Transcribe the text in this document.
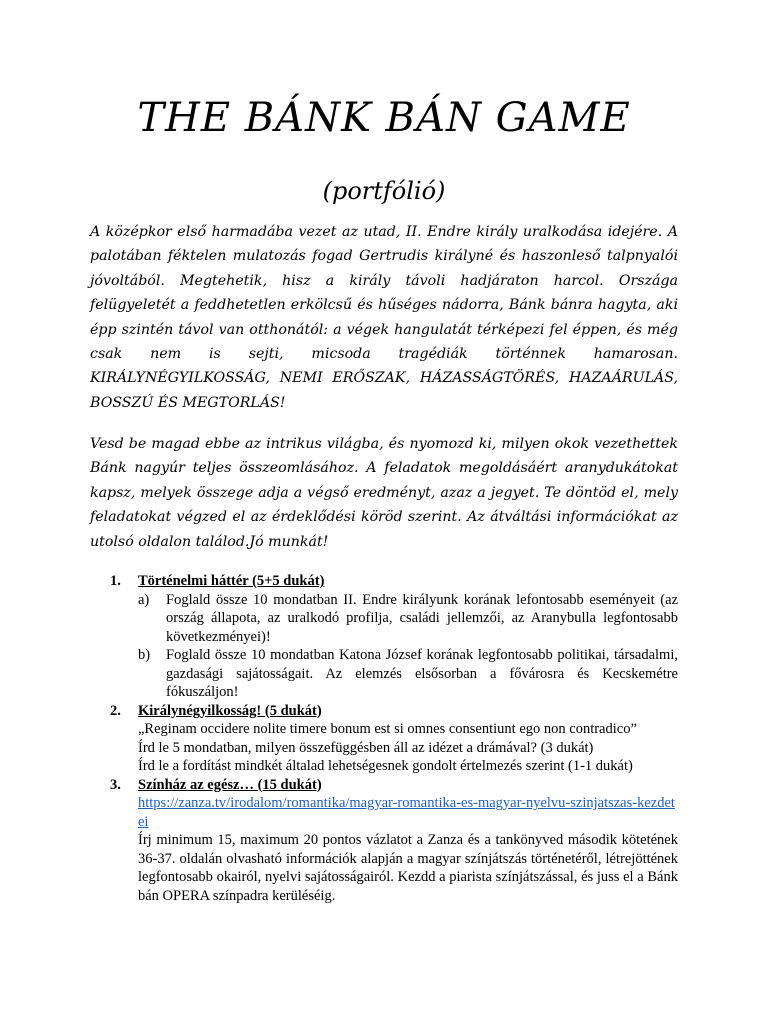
THE BÁNK BÁN GAME
(portfólió)

A középkor első harmadába vezet az utad, II. Endre király uralkodása idejére. A palotában féktelen mulatozás fogad Gertrudis királyné és haszonleső talpnyalói jóvoltából. Megtehetik, hisz a király távoli hadjáraton harcol. Országa felügyeletét a feddhetetlen erkölcsű és hűséges nádorra, Bánk bánra hagyta, aki épp szintén távol van otthonától: a végek hangulatát térképezi fel éppen, és még csak nem is sejti, micsoda tragédiák történnek hamarosan. KIRÁLYNÉGYILKOSSÁG, NEMI ERŐSZAK, HÁZASSÁGTÖRÉS, HAZAÁRULÁS, BOSSZÚ ÉS MEGTORLÁS!

Vesd be magad ebbe az intrikus világba, és nyomozd ki, milyen okok vezethettek Bánk nagyúr teljes összeomlásához. A feladatok megoldásáért aranydukátokat kapsz, melyek összege adja a végső eredményt, azaz a jegyet. Te döntöd el, mely feladatokat végzed el az érdeklődési köröd szerint. Az átváltási információkat az utolsó oldalon találod.Jó munkát!

1. Történelmi háttér (5+5 dukát)
a) Foglald össze 10 mondatban II. Endre királyunk korának lefontosabb eseményeit (az ország állapota, az uralkodó profilja, családi jellemzői, az Aranybulla legfontosabb következményei)!
b) Foglald össze 10 mondatban Katona József korának legfontosabb politikai, társadalmi, gazdasági sajátosságait. Az elemzés elsősorban a fővárosra és Kecskemétre fókuszáljon!
2. Királynégyilkosság! (5 dukát)
„Reginam occidere nolite timere bonum est si omnes consentiunt ego non contradico”
Írd le 5 mondatban, milyen összefüggésben áll az idézet a drámával? (3 dukát)
Írd le a fordítást mindkét általad lehetségesnek gondolt értelmezés szerint (1-1 dukát)
3. Színház az egész… (15 dukát)
https://zanza.tv/irodalom/romantika/magyar-romantika-es-magyar-nyelvu-szinjatszas-kezdetei
Írj minimum 15, maximum 20 pontos vázlatot a Zanza és a tankönyved második kötetének 36-37. oldalán olvasható információk alapján a magyar színjátszás történetéről, létrejöttének legfontosabb okairól, nyelvi sajátosságairól. Kezdd a piarista színjátszással, és juss el a Bánk bán OPERA színpadra kerüléséig.
